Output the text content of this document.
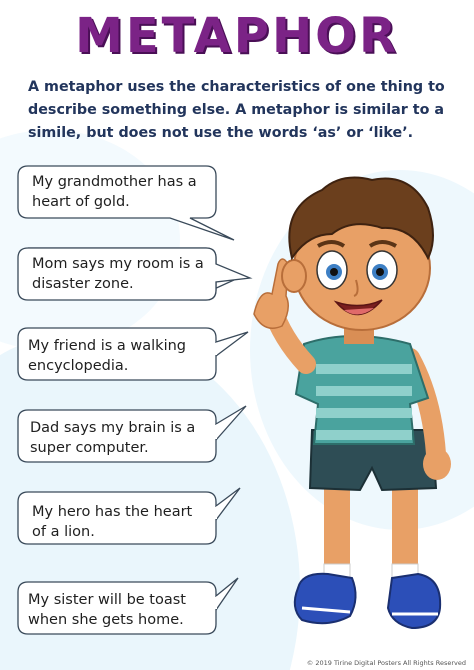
METAPHOR
A metaphor uses the characteristics of one thing to describe something else. A metaphor is similar to a simile, but does not use the words ‘as’ or ‘like’.
My grandmother has a
heart of gold.
Mom says my room is a
disaster zone.
My friend is a walking
encyclopedia.
Dad says my brain is a
super computer.
My hero has the heart
of a lion.
My sister will be toast
when she gets home.
© 2019 Tirine Digital Posters All Rights Reserved
